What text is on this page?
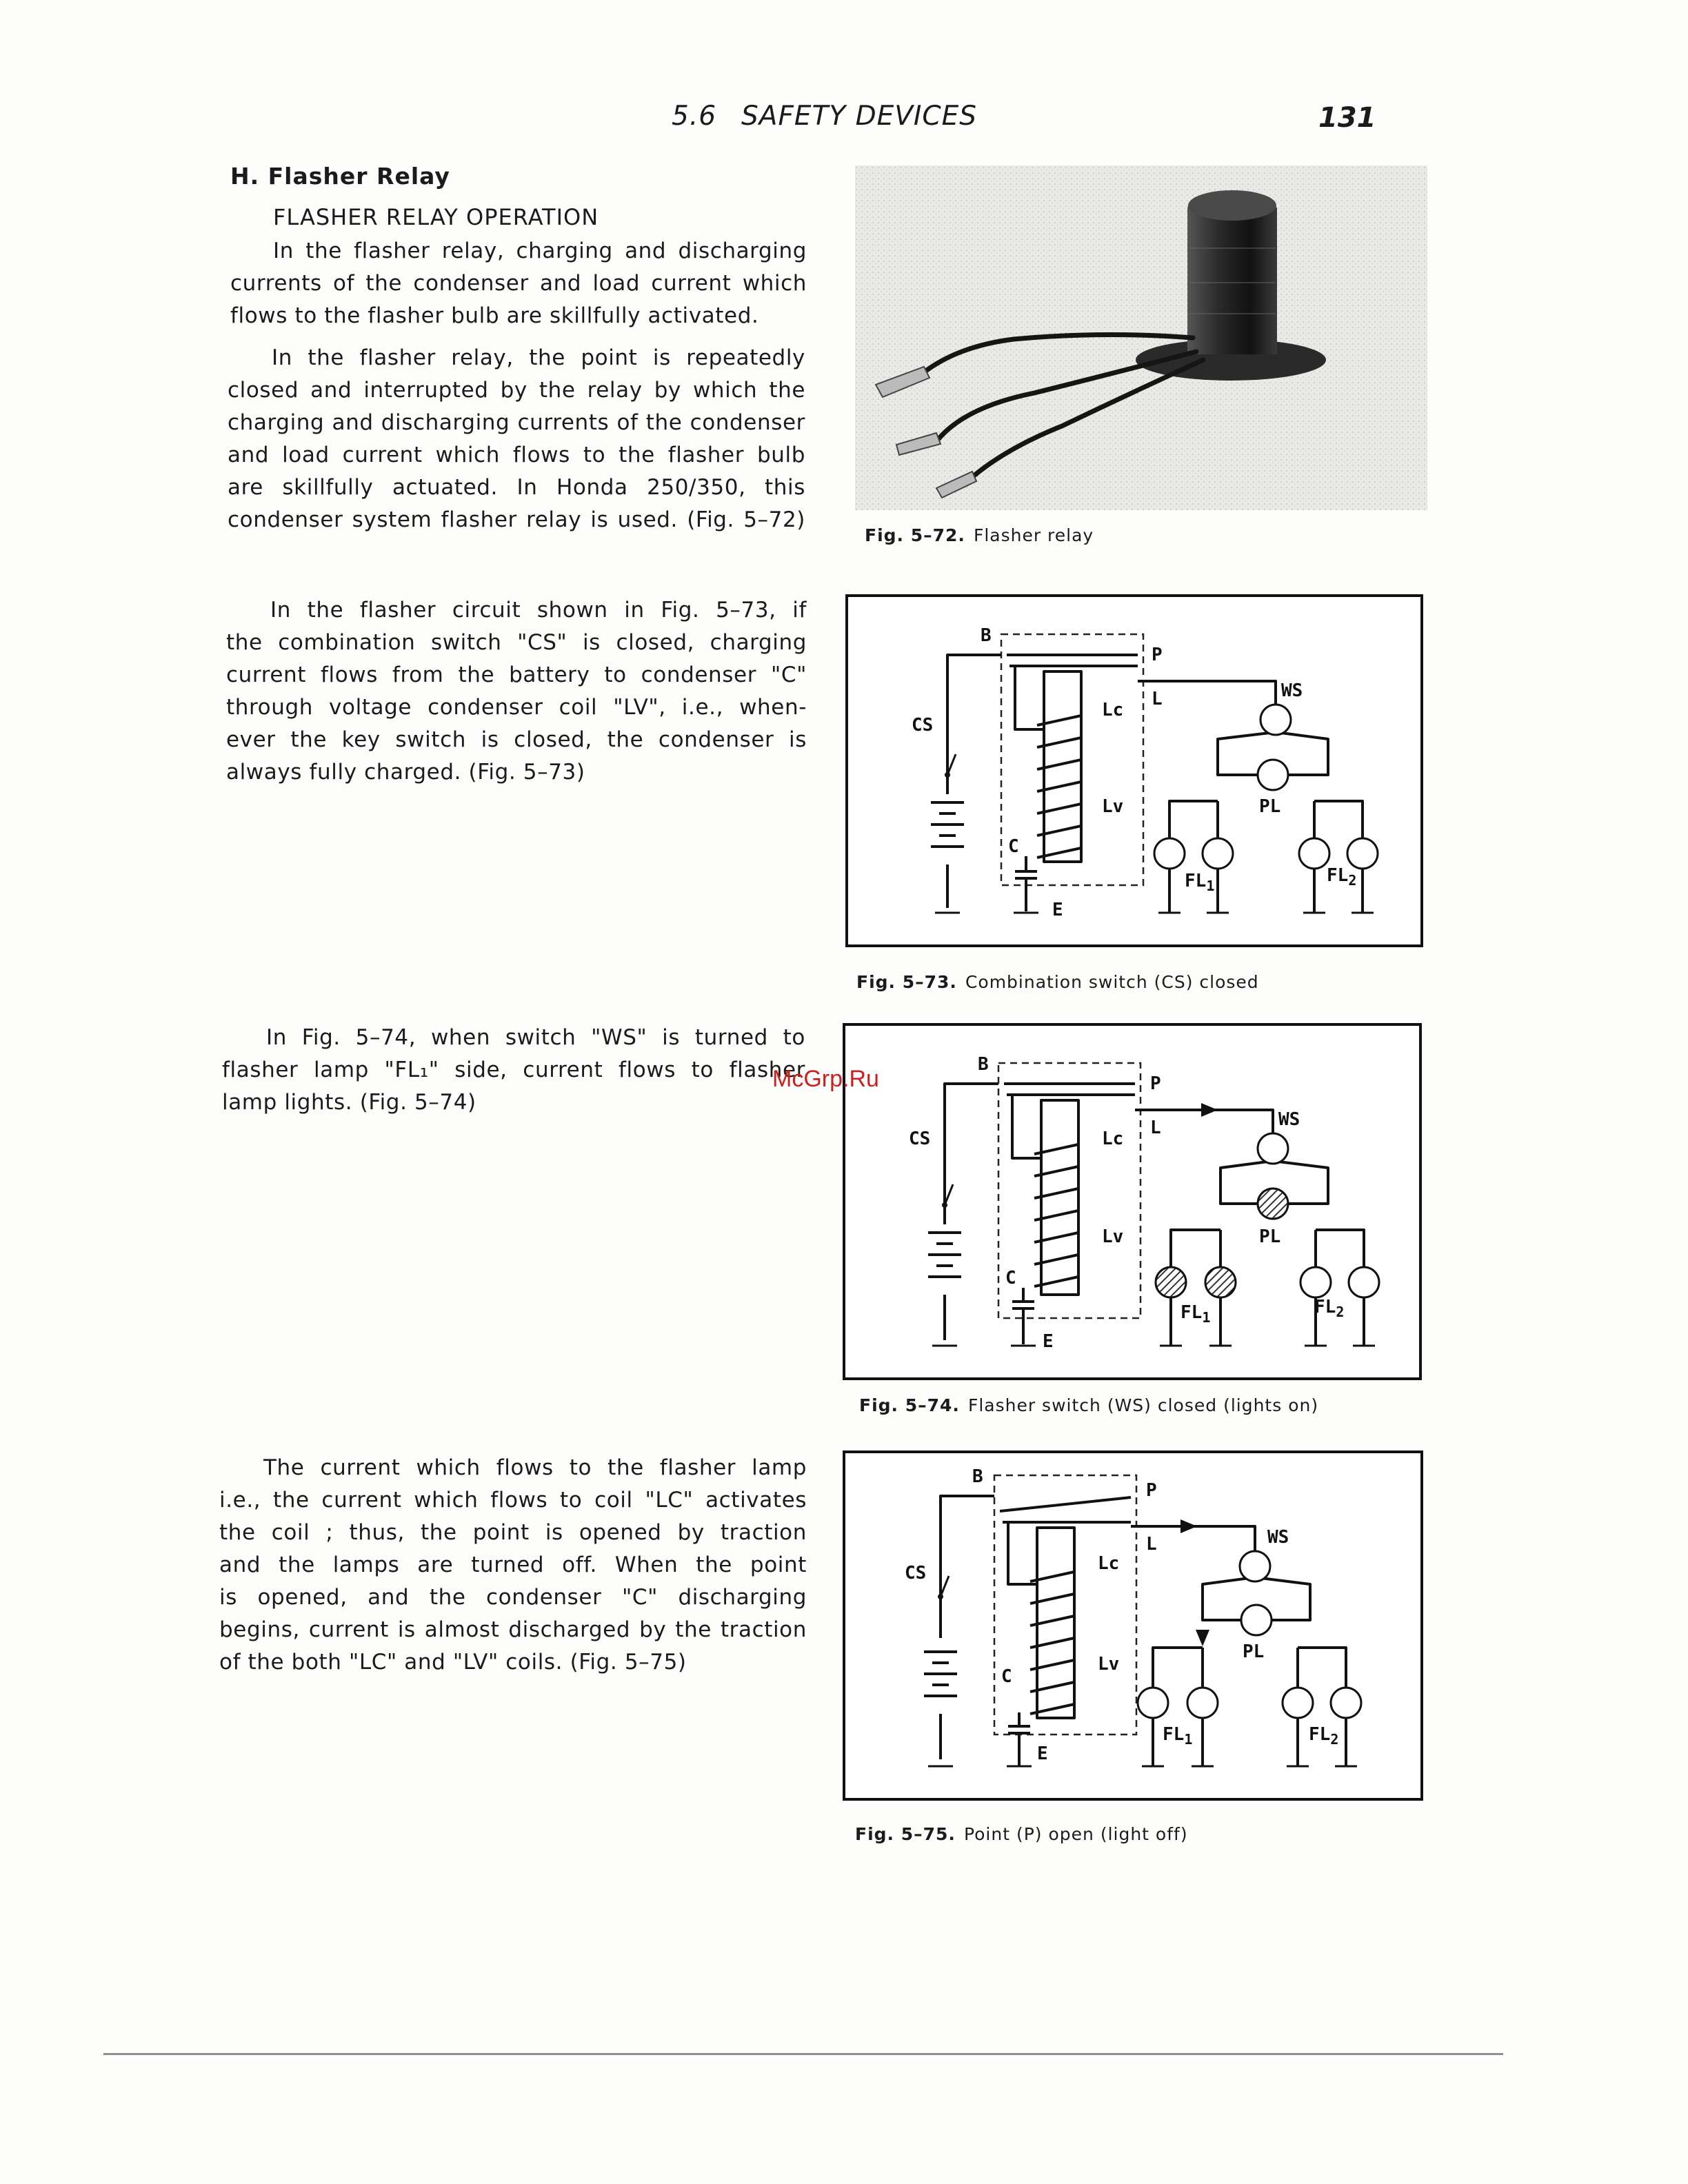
5.6 SAFETY DEVICES	131
H. Flasher Relay
FLASHER RELAY OPERATION
In the flasher relay, charging and discharging
currents of the condenser and load current which
flows to the flasher bulb are skillfully activated.
In the flasher relay, the point is repeatedly
closed and interrupted by the relay by which the
charging and discharging currents of the condenser
and load current which flows to the flasher bulb
are skillfully actuated. In Honda 250/350, this
condenser system flasher relay is used. (Fig. 5–72)
In the flasher circuit shown in Fig. 5–73, if
the combination switch "CS" is closed, charging
current flows from the battery to condenser "C"
through voltage condenser coil "LV", i.e., when-
ever the key switch is closed, the condenser is
always fully charged. (Fig. 5–73)
In Fig. 5–74, when switch "WS" is turned to
flasher lamp "FL₁" side, current flows to flasher
lamp lights. (Fig. 5–74)
The current which flows to the flasher lamp
i.e., the current which flows to coil "LC" activates
the coil ; thus, the point is opened by traction
and the lamps are turned off. When the point
is opened, and the condenser "C" discharging
begins, current is almost discharged by the traction
of the both "LC" and "LV" coils. (Fig. 5–75)
Fig. 5–72. Flasher relay
B
P
L
CS
Lc
Lv
C
E
WS
PL
$FL_1$	$FL_2$
Fig. 5–73. Combination switch (CS) closed
B
P
L
CS	Lc
Lv
C
E
WS
PL
$FL_1$	$FL_2$
Fig. 5–74. Flasher switch (WS) closed (lights on)
B
P
L
CS	Lc
Lv
C
E
WS
PL
$FL_1$	$FL_2$
Fig. 5–75. Point (P) open (light off)
McGrp.Ru
